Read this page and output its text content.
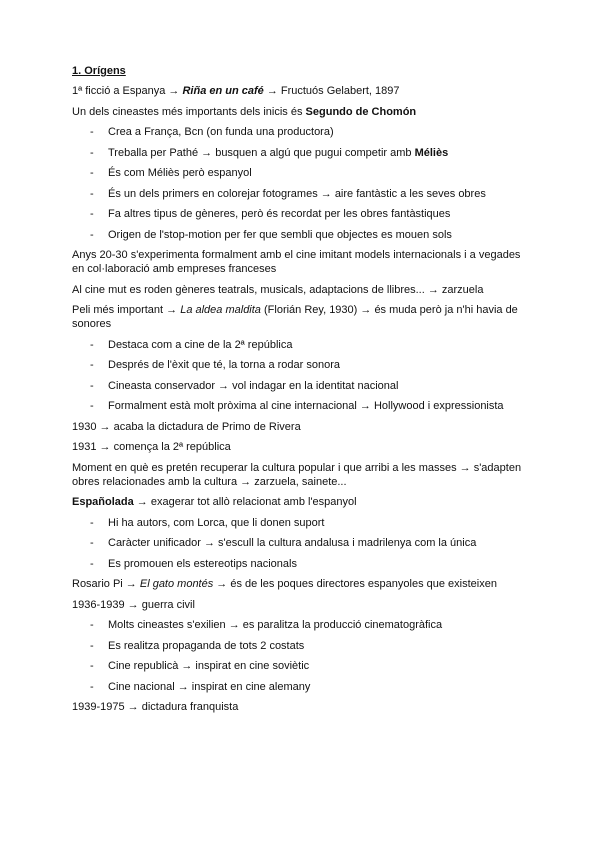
1. Orígens

1ª ficció a Espanya → Riña en un café → Fructuós Gelabert, 1897

Un dels cineastes més importants dels inicis és Segundo de Chomón

- Crea a França, Bcn (on funda una productora)

- Treballa per Pathé → busquen a algú que pugui competir amb Méliès

- És com Méliès però espanyol

- És un dels primers en colorejar fotogrames → aire fantàstic a les seves obres

- Fa altres tipus de gèneres, però és recordat per les obres fantàstiques

- Origen de l'stop-motion per fer que sembli que objectes es mouen sols

Anys 20-30 s'experimenta formalment amb el cine imitant models internacionals i a vegades en col·laboració amb empreses franceses

Al cine mut es roden gèneres teatrals, musicals, adaptacions de llibres... → zarzuela

Peli més important → La aldea maldita (Florián Rey, 1930) → és muda però ja n'hi havia de sonores

- Destaca com a cine de la 2ª república

- Després de l'èxit que té, la torna a rodar sonora

- Cineasta conservador → vol indagar en la identitat nacional

- Formalment està molt pròxima al cine internacional → Hollywood i expressionista

1930 → acaba la dictadura de Primo de Rivera

1931 → comença la 2ª república

Moment en què es pretén recuperar la cultura popular i que arribi a les masses → s'adapten obres relacionades amb la cultura → zarzuela, sainete...

Españolada → exagerar tot allò relacionat amb l'espanyol

- Hi ha autors, com Lorca, que li donen suport

- Caràcter unificador → s'escull la cultura andalusa i madrilenya com la única

- Es promouen els estereotips nacionals

Rosario Pi → El gato montés → és de les poques directores espanyoles que existeixen

1936-1939 → guerra civil

- Molts cineastes s'exilien → es paralitza la producció cinematogràfica

- Es realitza propaganda de tots 2 costats

- Cine republicà → inspirat en cine soviètic

- Cine nacional → inspirat en cine alemany

1939-1975 → dictadura franquista
